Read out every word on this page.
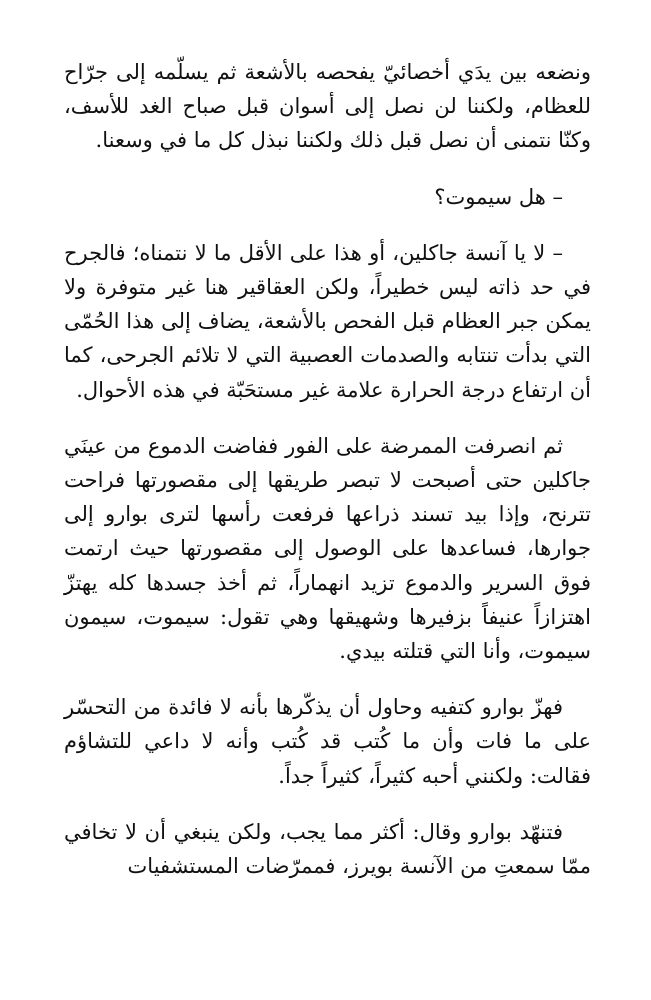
ونضعه بين يدَي أخصائيّ يفحصه بالأشعة ثم يسلّمه إلى جرّاح للعظام، ولكننا لن نصل إلى أسوان قبل صباح الغد للأسف، وكنّا نتمنى أن نصل قبل ذلك ولكننا نبذل كل ما في وسعنا.

– هل سيموت؟

– لا يا آنسة جاكلين، أو هذا على الأقل ما لا نتمناه؛ فالجرح في حد ذاته ليس خطيراً، ولكن العقاقير هنا غير متوفرة ولا يمكن جبر العظام قبل الفحص بالأشعة، يضاف إلى هذا الحُمّى التي بدأت تنتابه والصدمات العصبية التي لا تلائم الجرحى، كما أن ارتفاع درجة الحرارة علامة غير مستحَبّة في هذه الأحوال.

ثم انصرفت الممرضة على الفور ففاضت الدموع من عينَي جاكلين حتى أصبحت لا تبصر طريقها إلى مقصورتها فراحت تترنح، وإذا بيد تسند ذراعها فرفعت رأسها لترى بوارو إلى جوارها، فساعدها على الوصول إلى مقصورتها حيث ارتمت فوق السرير والدموع تزيد انهماراً، ثم أخذ جسدها كله يهتزّ اهتزازاً عنيفاً بزفيرها وشهيقها وهي تقول: سيموت، سيمون سيموت، وأنا التي قتلته بيدي.

فهزّ بوارو كتفيه وحاول أن يذكّرها بأنه لا فائدة من التحسّر على ما فات وأن ما كُتب قد كُتب وأنه لا داعي للتشاؤم فقالت: ولكنني أحبه كثيراً، كثيراً جداً.

فتنهّد بوارو وقال: أكثر مما يجب، ولكن ينبغي أن لا تخافي ممّا سمعتِ من الآنسة بويرز، فممرّضات المستشفيات
